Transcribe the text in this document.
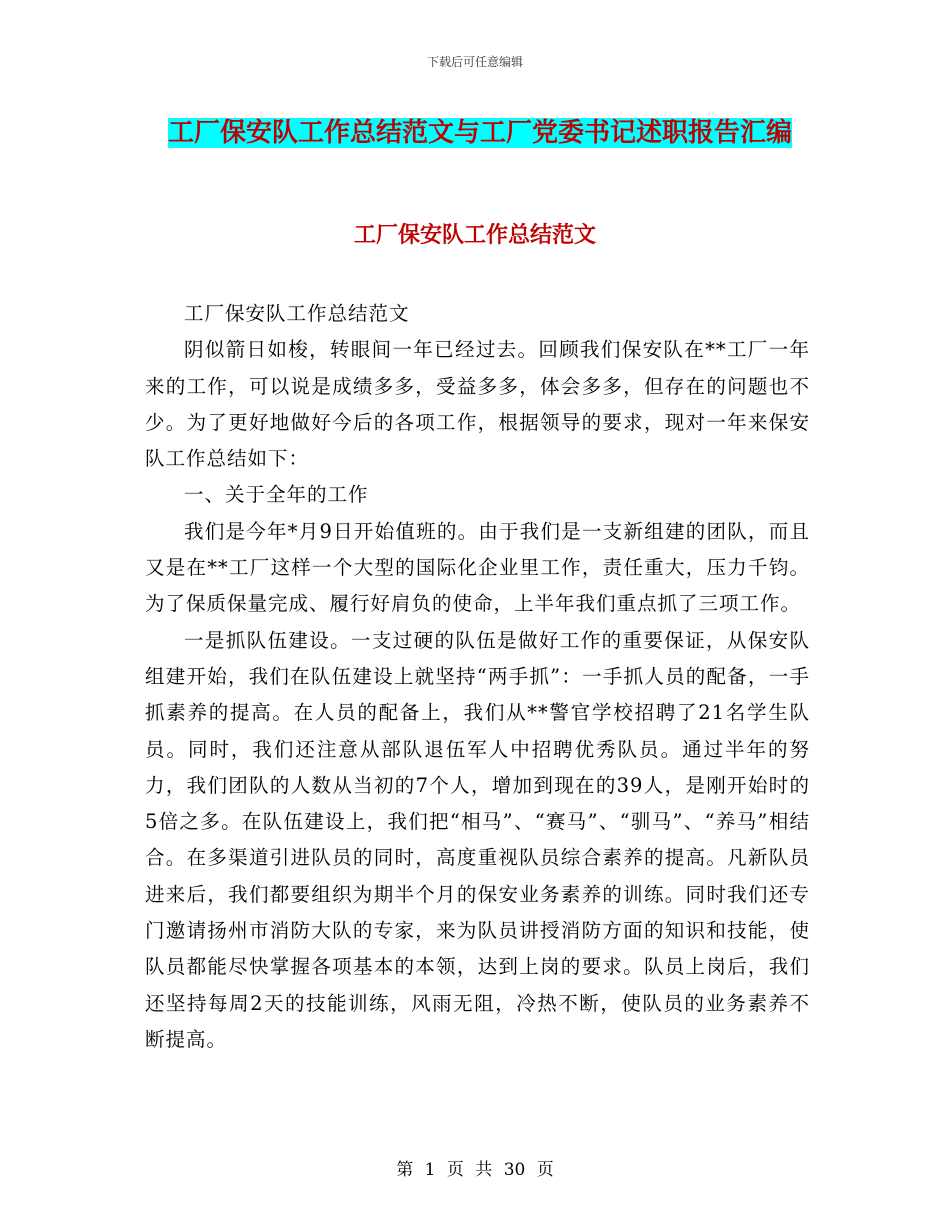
下载后可任意编辑
工厂保安队工作总结范文与工厂党委书记述职报告汇编
工厂保安队工作总结范文

工厂保安队工作总结范文

阴似箭日如梭，转眼间一年已经过去。回顾我们保安队在**工厂一年来的工作，可以说是成绩多多，受益多多，体会多多，但存在的问题也不少。为了更好地做好今后的各项工作，根据领导的要求，现对一年来保安队工作总结如下：

一、关于全年的工作

我们是今年*月9日开始值班的。由于我们是一支新组建的团队，而且又是在**工厂这样一个大型的国际化企业里工作，责任重大，压力千钧。为了保质保量完成、履行好肩负的使命，上半年我们重点抓了三项工作。

一是抓队伍建设。一支过硬的队伍是做好工作的重要保证，从保安队组建开始，我们在队伍建设上就坚持“两手抓”：一手抓人员的配备，一手抓素养的提高。在人员的配备上，我们从**警官学校招聘了21名学生队员。同时，我们还注意从部队退伍军人中招聘优秀队员。通过半年的努力，我们团队的人数从当初的7个人，增加到现在的39人，是刚开始时的5倍之多。在队伍建设上，我们把“相马”、“赛马”、“驯马”、“养马”相结合。在多渠道引进队员的同时，高度重视队员综合素养的提高。凡新队员进来后，我们都要组织为期半个月的保安业务素养的训练。同时我们还专门邀请扬州市消防大队的专家，来为队员讲授消防方面的知识和技能，使队员都能尽快掌握各项基本的本领，达到上岗的要求。队员上岗后，我们还坚持每周2天的技能训练，风雨无阻，冷热不断，使队员的业务素养不断提高。

第 1 页 共 30 页
